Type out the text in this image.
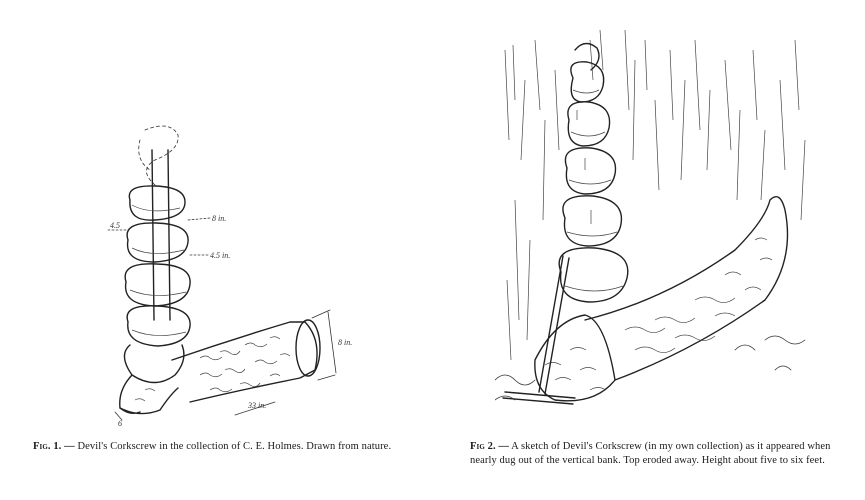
8 in.
4.5
4.5 in.
8 in.
33 in.
6
Fig. 1. — Devil's Corkscrew in the collection of C. E. Holmes. Drawn from nature.	Fig 2. — A sketch of Devil's Corkscrew (in my own collection) as it appeared when nearly dug out of the vertical bank. Top eroded away. Height about five to six feet.
